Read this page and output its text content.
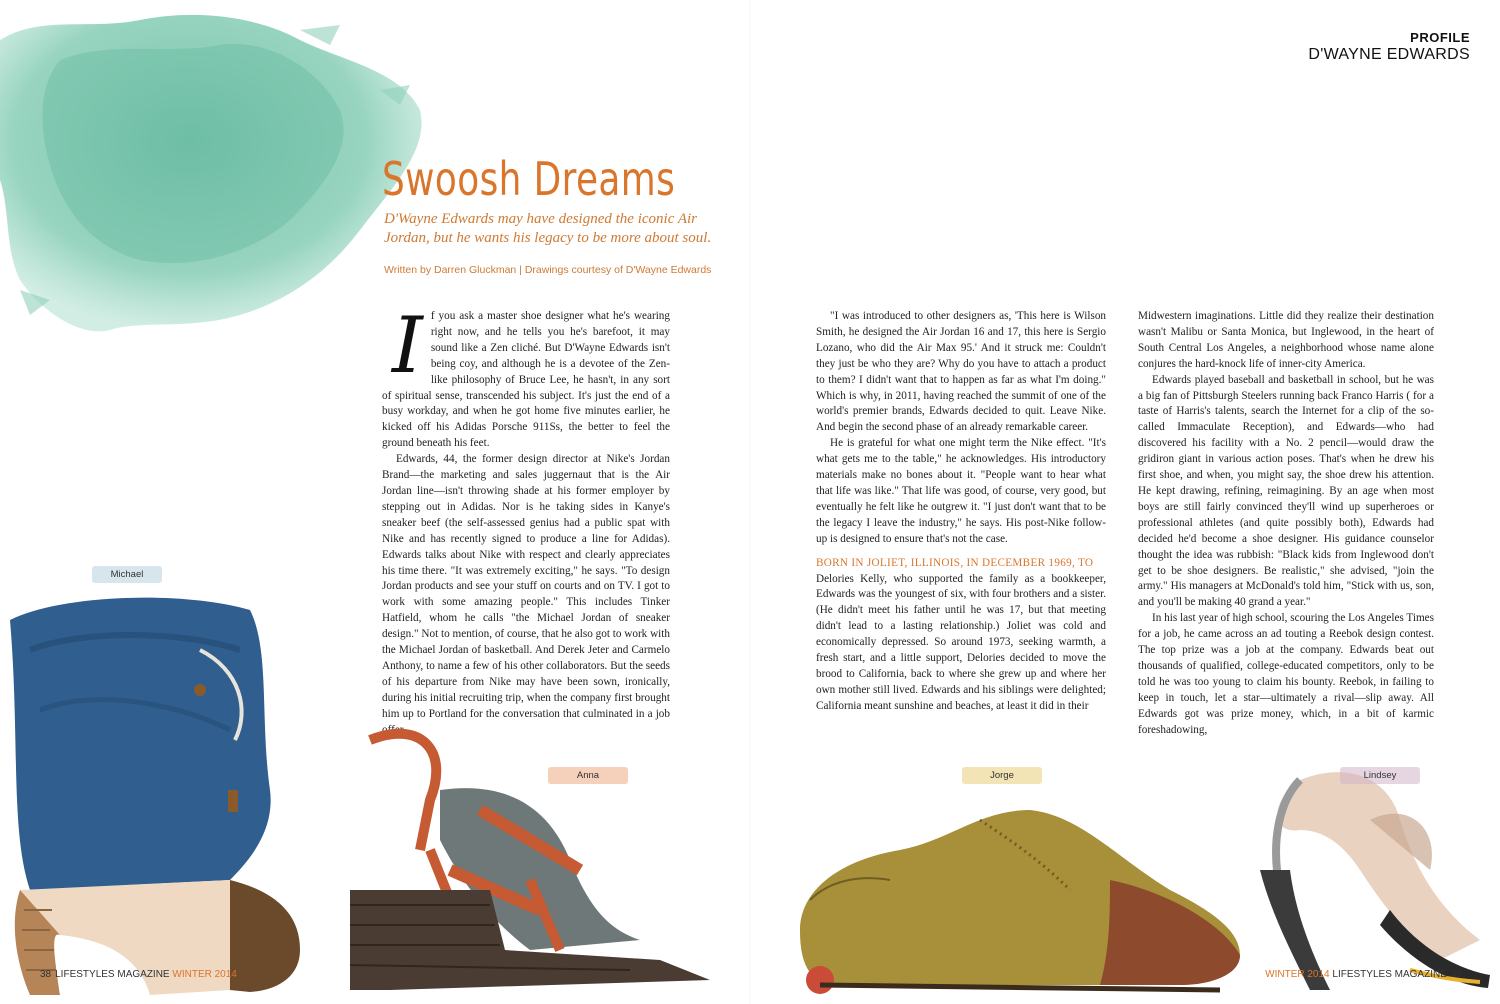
PROFILE
D'WAYNE EDWARDS
Swoosh Dreams
D'Wayne Edwards may have designed the iconic Air Jordan, but he wants his legacy to be more about soul.
Written by Darren Gluckman | Drawings courtesy of D'Wayne Edwards

If you ask a master shoe designer what he's wearing right now, and he tells you he's barefoot, it may sound like a Zen cliché. But D'Wayne Edwards isn't being coy, and although he is a devotee of the Zen-like philosophy of Bruce Lee, he hasn't, in any sort of spiritual sense, transcended his subject. It's just the end of a busy workday, and when he got home five minutes earlier, he kicked off his Adidas Porsche 911Ss, the better to feel the ground beneath his feet.

Edwards, 44, the former design director at Nike's Jordan Brand—the marketing and sales juggernaut that is the Air Jordan line—isn't throwing shade at his former employer by stepping out in Adidas. Nor is he taking sides in Kanye's sneaker beef (the self-assessed genius had a public spat with Nike and has recently signed to produce a line for Adidas). Edwards talks about Nike with respect and clearly appreciates his time there. "It was extremely exciting," he says. "To design Jordan products and see your stuff on courts and on TV. I got to work with some amazing people." This includes Tinker Hatfield, whom he calls "the Michael Jordan of sneaker design." Not to mention, of course, that he also got to work with the Michael Jordan of basketball. And Derek Jeter and Carmelo Anthony, to name a few of his other collaborators. But the seeds of his departure from Nike may have been sown, ironically, during his initial recruiting trip, when the company first brought him up to Portland for the conversation that culminated in a job offer.

"I was introduced to other designers as, 'This here is Wilson Smith, he designed the Air Jordan 16 and 17, this here is Sergio Lozano, who did the Air Max 95.' And it struck me: Couldn't they just be who they are? Why do you have to attach a product to them? I didn't want that to happen as far as what I'm doing." Which is why, in 2011, having reached the summit of one of the world's premier brands, Edwards decided to quit. Leave Nike. And begin the second phase of an already remarkable career.

He is grateful for what one might term the Nike effect. "It's what gets me to the table," he acknowledges. His introductory materials make no bones about it. "People want to hear what that life was like." That life was good, of course, very good, but eventually he felt like he outgrew it. "I just don't want that to be the legacy I leave the industry," he says. His post-Nike follow-up is designed to ensure that's not the case.

BORN IN JOLIET, ILLINOIS, IN DECEMBER 1969, TO
Delories Kelly, who supported the family as a bookkeeper, Edwards was the youngest of six, with four brothers and a sister. (He didn't meet his father until he was 17, but that meeting didn't lead to a lasting relationship.) Joliet was cold and economically depressed. So around 1973, seeking warmth, a fresh start, and a little support, Delories decided to move the brood to California, back to where she grew up and where her own mother still lived. Edwards and his siblings were delighted; California meant sunshine and beaches, at least it did in their

Midwestern imaginations. Little did they realize their destination wasn't Malibu or Santa Monica, but Inglewood, in the heart of South Central Los Angeles, a neighborhood whose name alone conjures the hard-knock life of inner-city America.

Edwards played baseball and basketball in school, but he was a big fan of Pittsburgh Steelers running back Franco Harris ( for a taste of Harris's talents, search the Internet for a clip of the so-called Immaculate Reception), and Edwards—who had discovered his facility with a No. 2 pencil—would draw the gridiron giant in various action poses. That's when he drew his first shoe, and when, you might say, the shoe drew his attention. He kept drawing, refining, reimagining. By an age when most boys are still fairly convinced they'll wind up superheroes or professional athletes (and quite possibly both), Edwards had decided he'd become a shoe designer. His guidance counselor thought the idea was rubbish: "Black kids from Inglewood don't get to be shoe designers. Be realistic," she advised, "join the army." His managers at McDonald's told him, "Stick with us, son, and you'll be making 40 grand a year."

In his last year of high school, scouring the Los Angeles Times for a job, he came across an ad touting a Reebok design contest. The top prize was a job at the company. Edwards beat out thousands of qualified, college-educated competitors, only to be told he was too young to claim his bounty. Reebok, in failing to keep in touch, let a star—ultimately a rival—slip away. All Edwards got was prize money, which, in a bit of karmic foreshadowing,

Michael
Anna	Jorge	Lindsey
38 LIFESTYLES MAGAZINE WINTER 2014	WINTER 2014 LIFESTYLES MAGAZINE 39
